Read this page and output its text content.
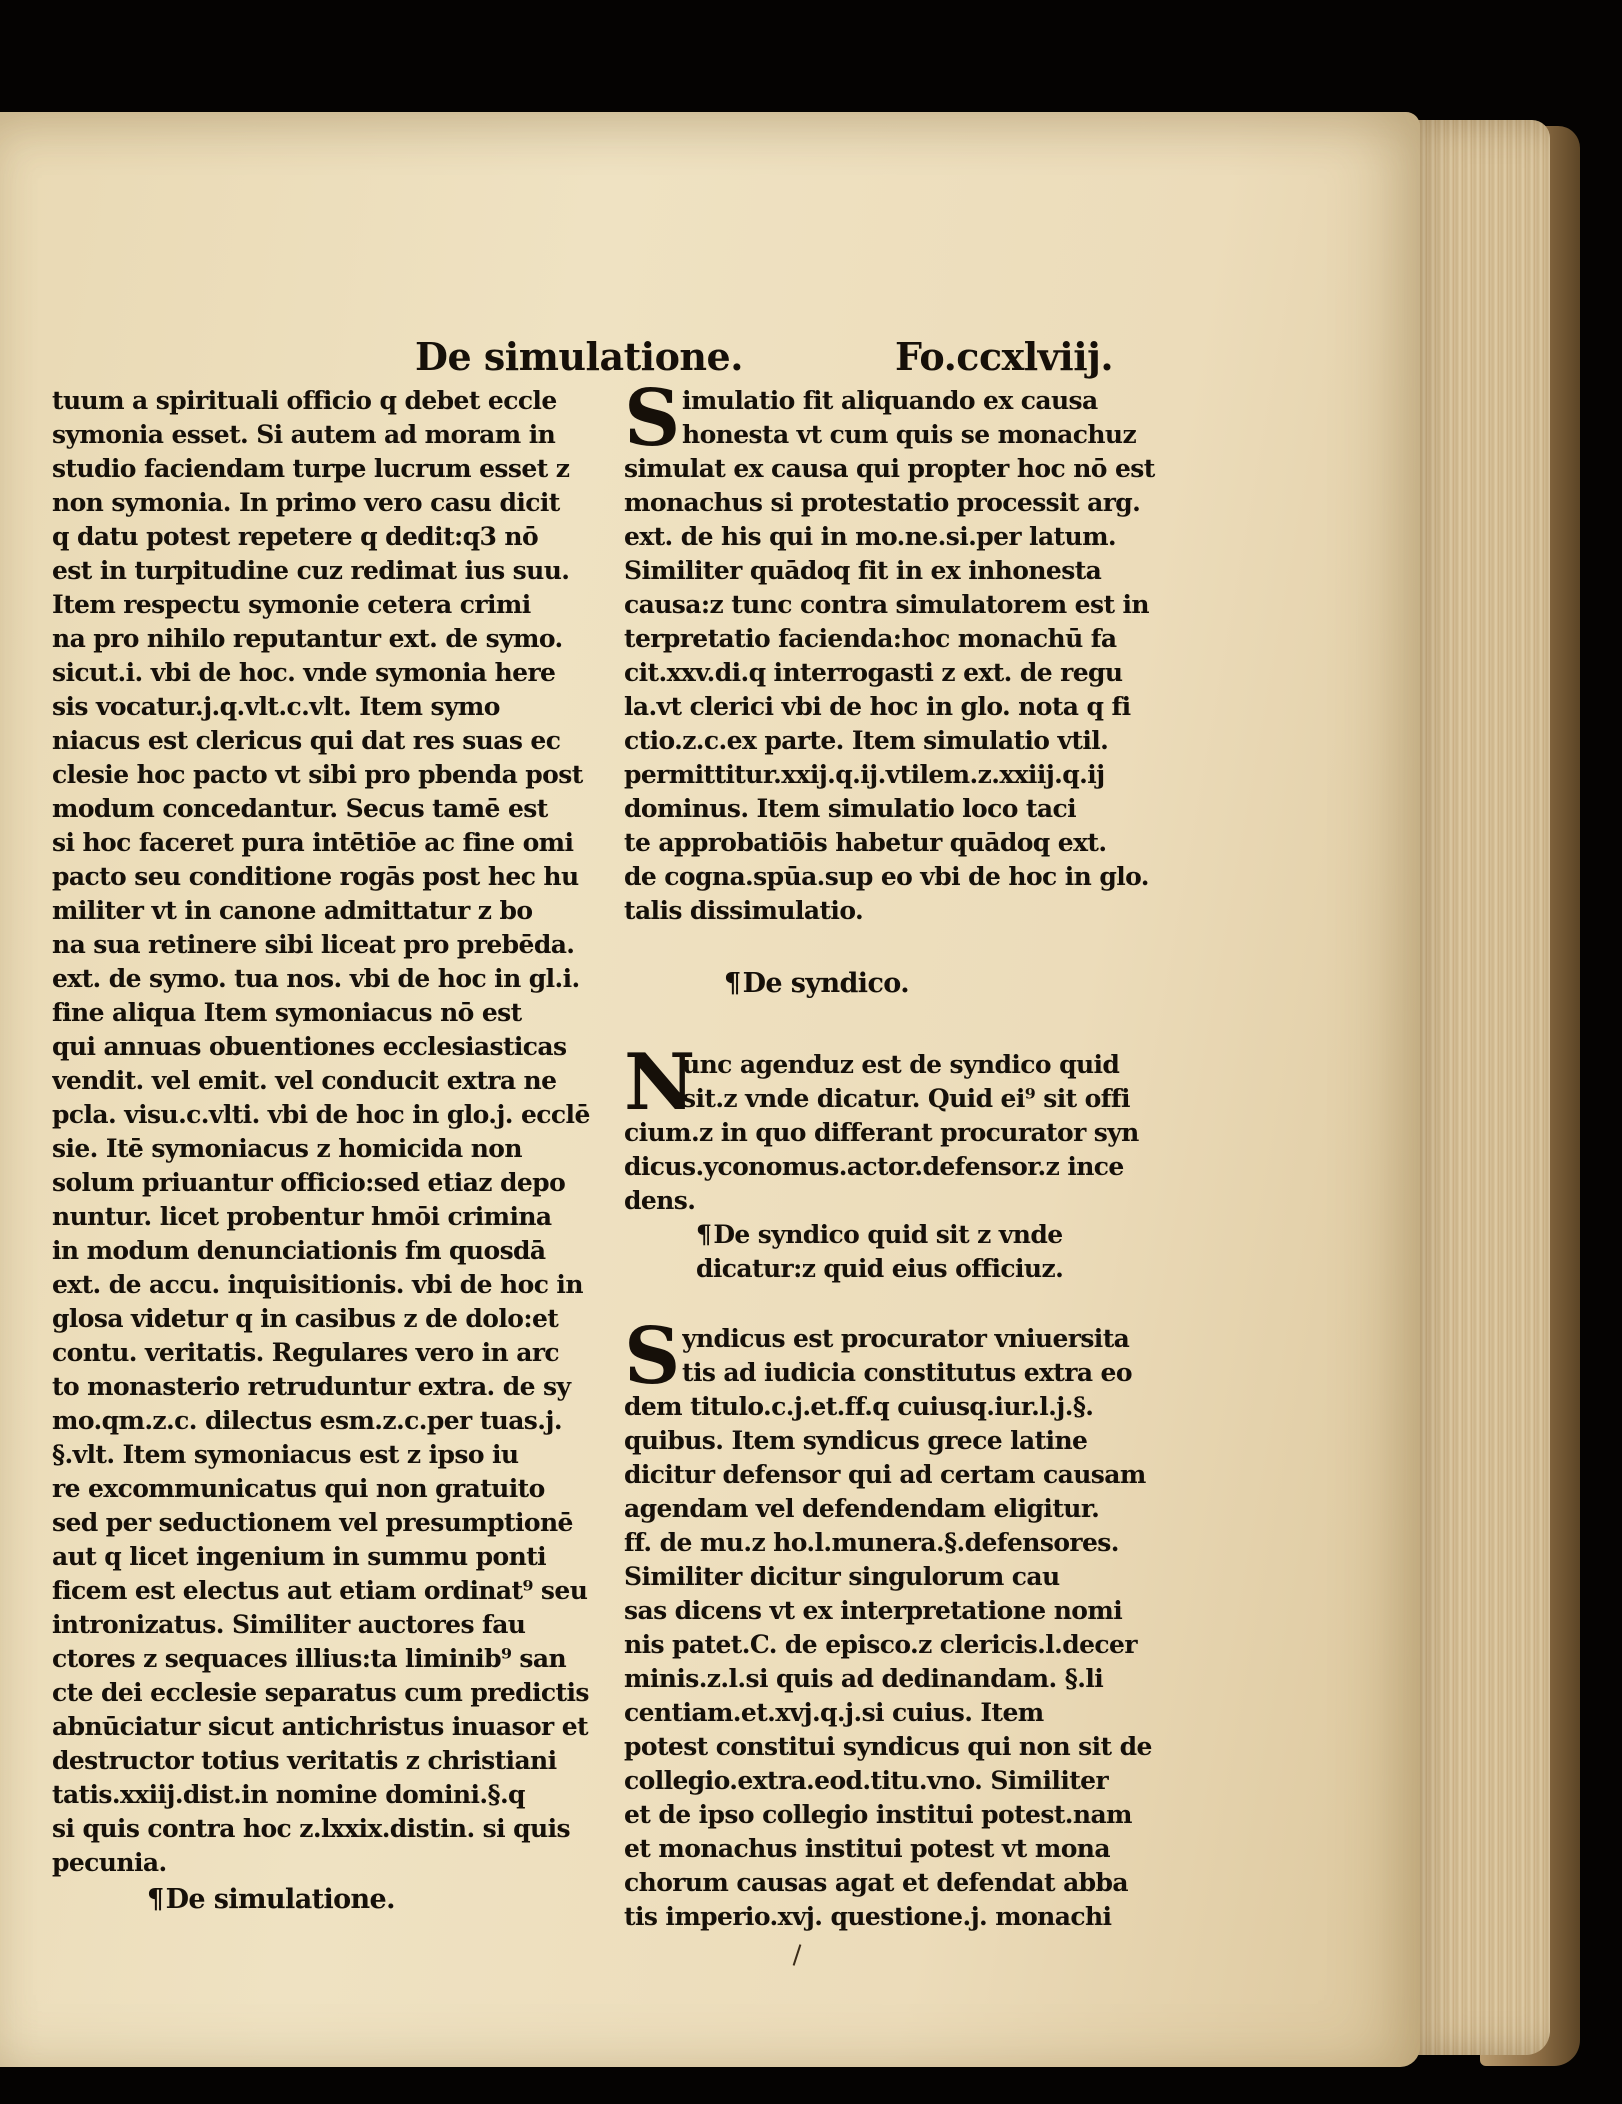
De simulatione.	Fo.ccxlviij.
tuum a spirituali officio q debet eccle
symonia esset. Si autem ad moram in
studio faciendam turpe lucrum esset z
non symonia. In primo vero casu dicit
q datu potest repetere q dedit:q3 nō
est in turpitudine cuz redimat ius suu.
Item respectu symonie cetera crimi
na pro nihilo reputantur ext. de symo.
sicut.i. vbi de hoc. vnde symonia here
sis vocatur.j.q.vlt.c.vlt. Item symo
niacus est clericus qui dat res suas ec
clesie hoc pacto vt sibi pro pbenda post
modum concedantur. Secus tamē est
si hoc faceret pura intētiōe ac fine omi
pacto seu conditione rogās post hec hu
militer vt in canone admittatur z bo
na sua retinere sibi liceat pro prebēda.
ext. de symo. tua nos. vbi de hoc in gl.i.
fine aliqua Item symoniacus nō est
qui annuas obuentiones ecclesiasticas
vendit. vel emit. vel conducit extra ne
pcla. visu.c.vlti. vbi de hoc in glo.j. ecclē
sie. Itē symoniacus z homicida non
solum priuantur officio:sed etiaz depo
nuntur. licet probentur hmōi crimina
in modum denunciationis fm quosdā
ext. de accu. inquisitionis. vbi de hoc in
glosa videtur q in casibus z de dolo:et
contu. veritatis. Regulares vero in arc
to monasterio retruduntur extra. de sy
mo.qm.z.c. dilectus esm.z.c.per tuas.j.
§.vlt. Item symoniacus est z ipso iu
re excommunicatus qui non gratuito
sed per seductionem vel presumptionē
aut q licet ingenium in summu ponti
ficem est electus aut etiam ordinat⁹ seu
intronizatus. Similiter auctores fau
ctores z sequaces illius:ta liminib⁹ san
cte dei ecclesie separatus cum predictis
abnūciatur sicut antichristus inuasor et
destructor totius veritatis z christiani
tatis.xxiij.dist.in nomine domini.§.q
si quis contra hoc z.lxxix.distin. si quis
pecunia.
¶De simulatione.
S imulatio fit aliquando ex causa
honesta vt cum quis se monachuz
simulat ex causa qui propter hoc nō est
monachus si protestatio processit arg.
ext. de his qui in mo.ne.si.per latum.
Similiter quādoq fit in ex inhonesta
causa:z tunc contra simulatorem est in
terpretatio facienda:hoc monachū fa
cit.xxv.di.q interrogasti z ext. de regu
la.vt clerici vbi de hoc in glo. nota q fi
ctio.z.c.ex parte. Item simulatio vtil.
permittitur.xxij.q.ij.vtilem.z.xxiij.q.ij
dominus. Item simulatio loco taci
te approbatiōis habetur quādoq ext.
de cogna.spūa.sup eo vbi de hoc in glo.
talis dissimulatio.
¶De syndico.
N
unc agenduz est de syndico quid
sit.z vnde dicatur. Quid ei⁹ sit offi
cium.z in quo differant procurator syn
dicus.yconomus.actor.defensor.z ince
dens.
¶De syndico quid sit z vnde
dicatur:z quid eius officiuz.
S yndicus est procurator vniuersita
tis ad iudicia constitutus extra eo
dem titulo.c.j.et.ff.q cuiusq.iur.l.j.§.
quibus. Item syndicus grece latine
dicitur defensor qui ad certam causam
agendam vel defendendam eligitur.
ff. de mu.z ho.l.munera.§.defensores.
Similiter dicitur singulorum cau
sas dicens vt ex interpretatione nomi
nis patet.C. de episco.z clericis.l.decer
minis.z.l.si quis ad dedinandam. §.li
centiam.et.xvj.q.j.si cuius. Item
potest constitui syndicus qui non sit de
collegio.extra.eod.titu.vno. Similiter
et de ipso collegio institui potest.nam
et monachus institui potest vt mona
chorum causas agat et defendat abba
tis imperio.xvj. questione.j. monachi
